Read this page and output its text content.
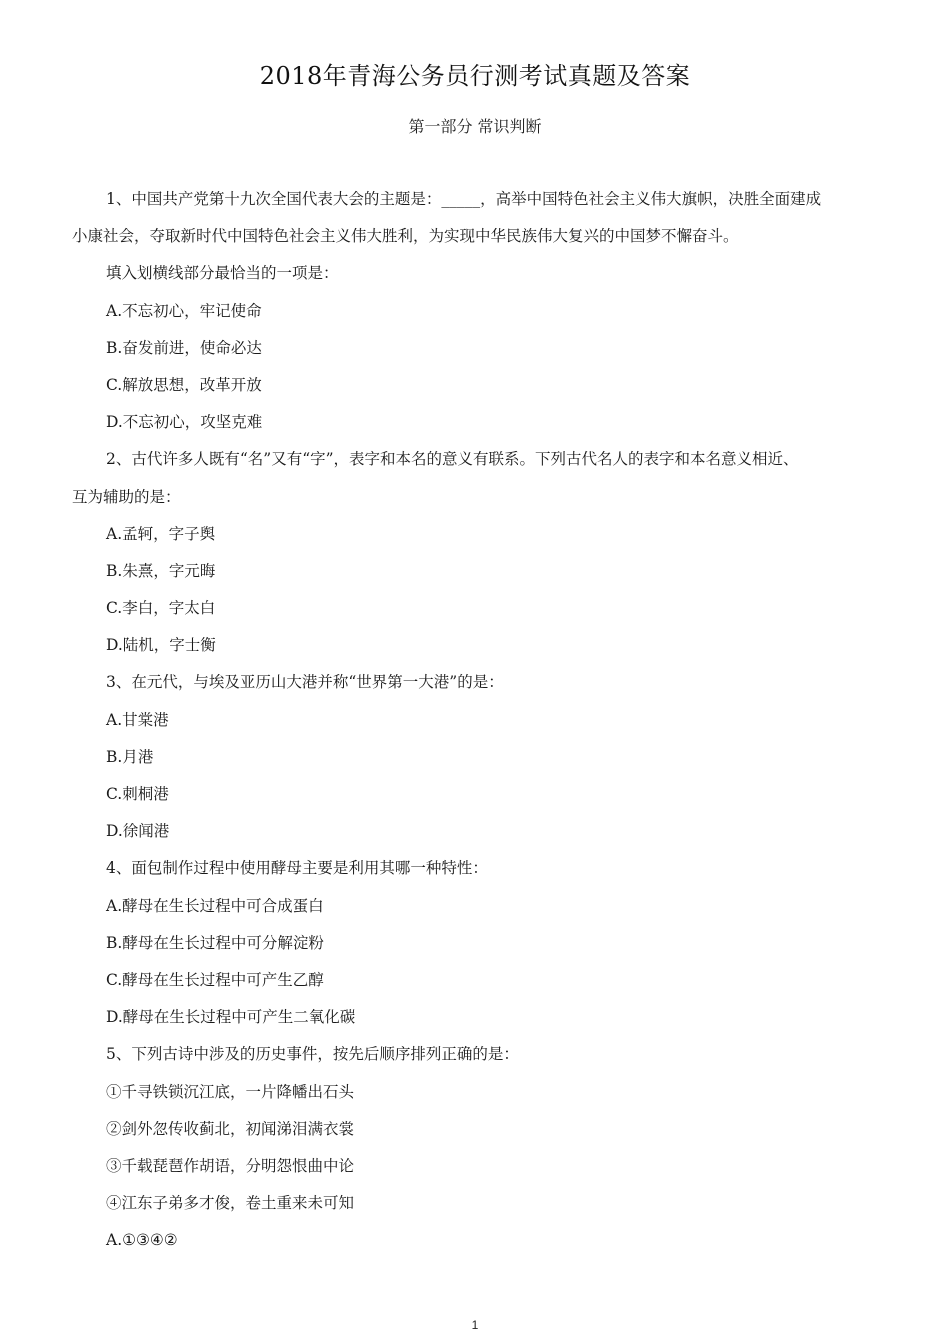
2018年青海公务员行测考试真题及答案
第一部分 常识判断
1、中国共产党第十九次全国代表大会的主题是：_____，高举中国特色社会主义伟大旗帜，决胜全面建成
小康社会，夺取新时代中国特色社会主义伟大胜利，为实现中华民族伟大复兴的中国梦不懈奋斗。
填入划横线部分最恰当的一项是：
A.不忘初心，牢记使命
B.奋发前进，使命必达
C.解放思想，改革开放
D.不忘初心，攻坚克难
2、古代许多人既有“名”又有“字”，表字和本名的意义有联系。下列古代名人的表字和本名意义相近、
互为辅助的是：
A.孟轲，字子舆
B.朱熹，字元晦
C.李白，字太白
D.陆机，字士衡
3、在元代，与埃及亚历山大港并称“世界第一大港”的是：
A.甘棠港
B.月港
C.刺桐港
D.徐闻港
4、面包制作过程中使用酵母主要是利用其哪一种特性：
A.酵母在生长过程中可合成蛋白
B.酵母在生长过程中可分解淀粉
C.酵母在生长过程中可产生乙醇
D.酵母在生长过程中可产生二氧化碳
5、下列古诗中涉及的历史事件，按先后顺序排列正确的是：
①千寻铁锁沉江底，一片降幡出石头
②剑外忽传收蓟北，初闻涕泪满衣裳
③千载琵琶作胡语，分明怨恨曲中论
④江东子弟多才俊，卷土重来未可知
A.①③④②
1
